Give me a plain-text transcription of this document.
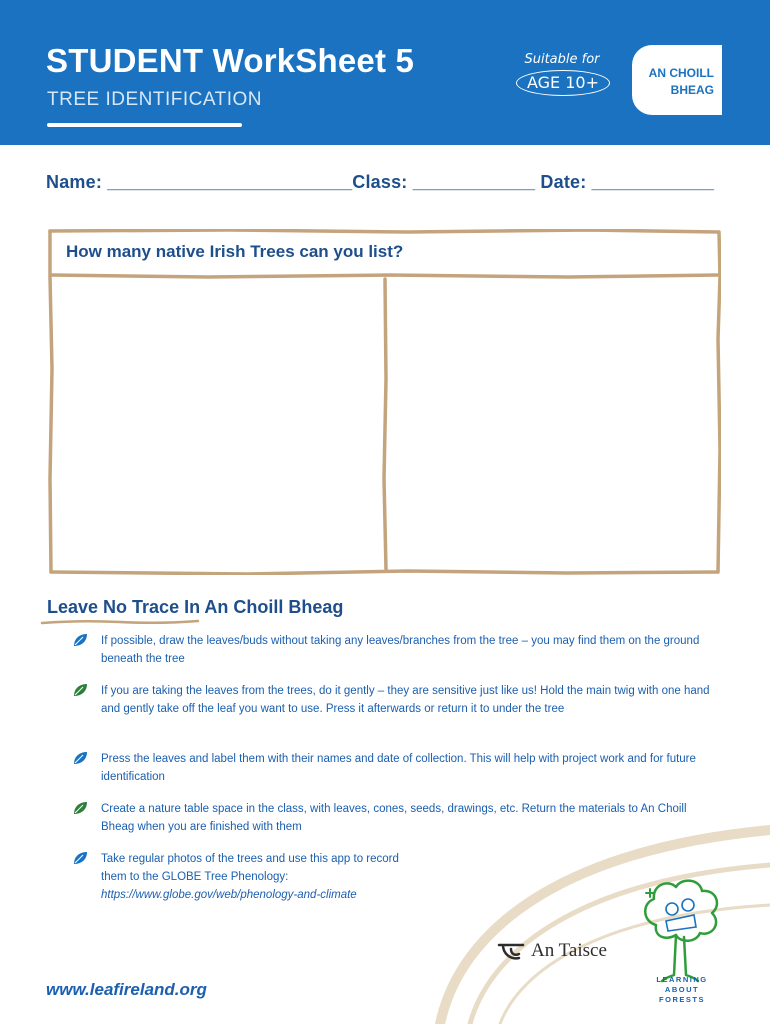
STUDENT WorkSheet 5
TREE IDENTIFICATION
Suitable for
AGE 10+	AN CHOILL
BHEAG
Name: ________________________Class: ____________ Date: ____________
How many native Irish Trees can you list?
Leave No Trace In An Choill Bheag
If possible, draw the leaves/buds without taking any leaves/branches from the tree – you may find them on the ground beneath the tree
If you are taking the leaves from the trees, do it gently – they are sensitive just like us! Hold the main twig with one hand and gently take off the leaf you want to use. Press it afterwards or return it to under the tree
Press the leaves and label them with their names and date of collection. This will help with project work and for future identification
Create a nature table space in the class, with leaves, cones, seeds, drawings, etc. Return the materials to An Choill Bheag when you are finished with them
Take regular photos of the trees and use this app to record them to the GLOBE Tree Phenology:
https://www.globe.gov/web/phenology-and-climate
An Taisce
LEARNING
ABOUT
FORESTS
www.leafireland.org
